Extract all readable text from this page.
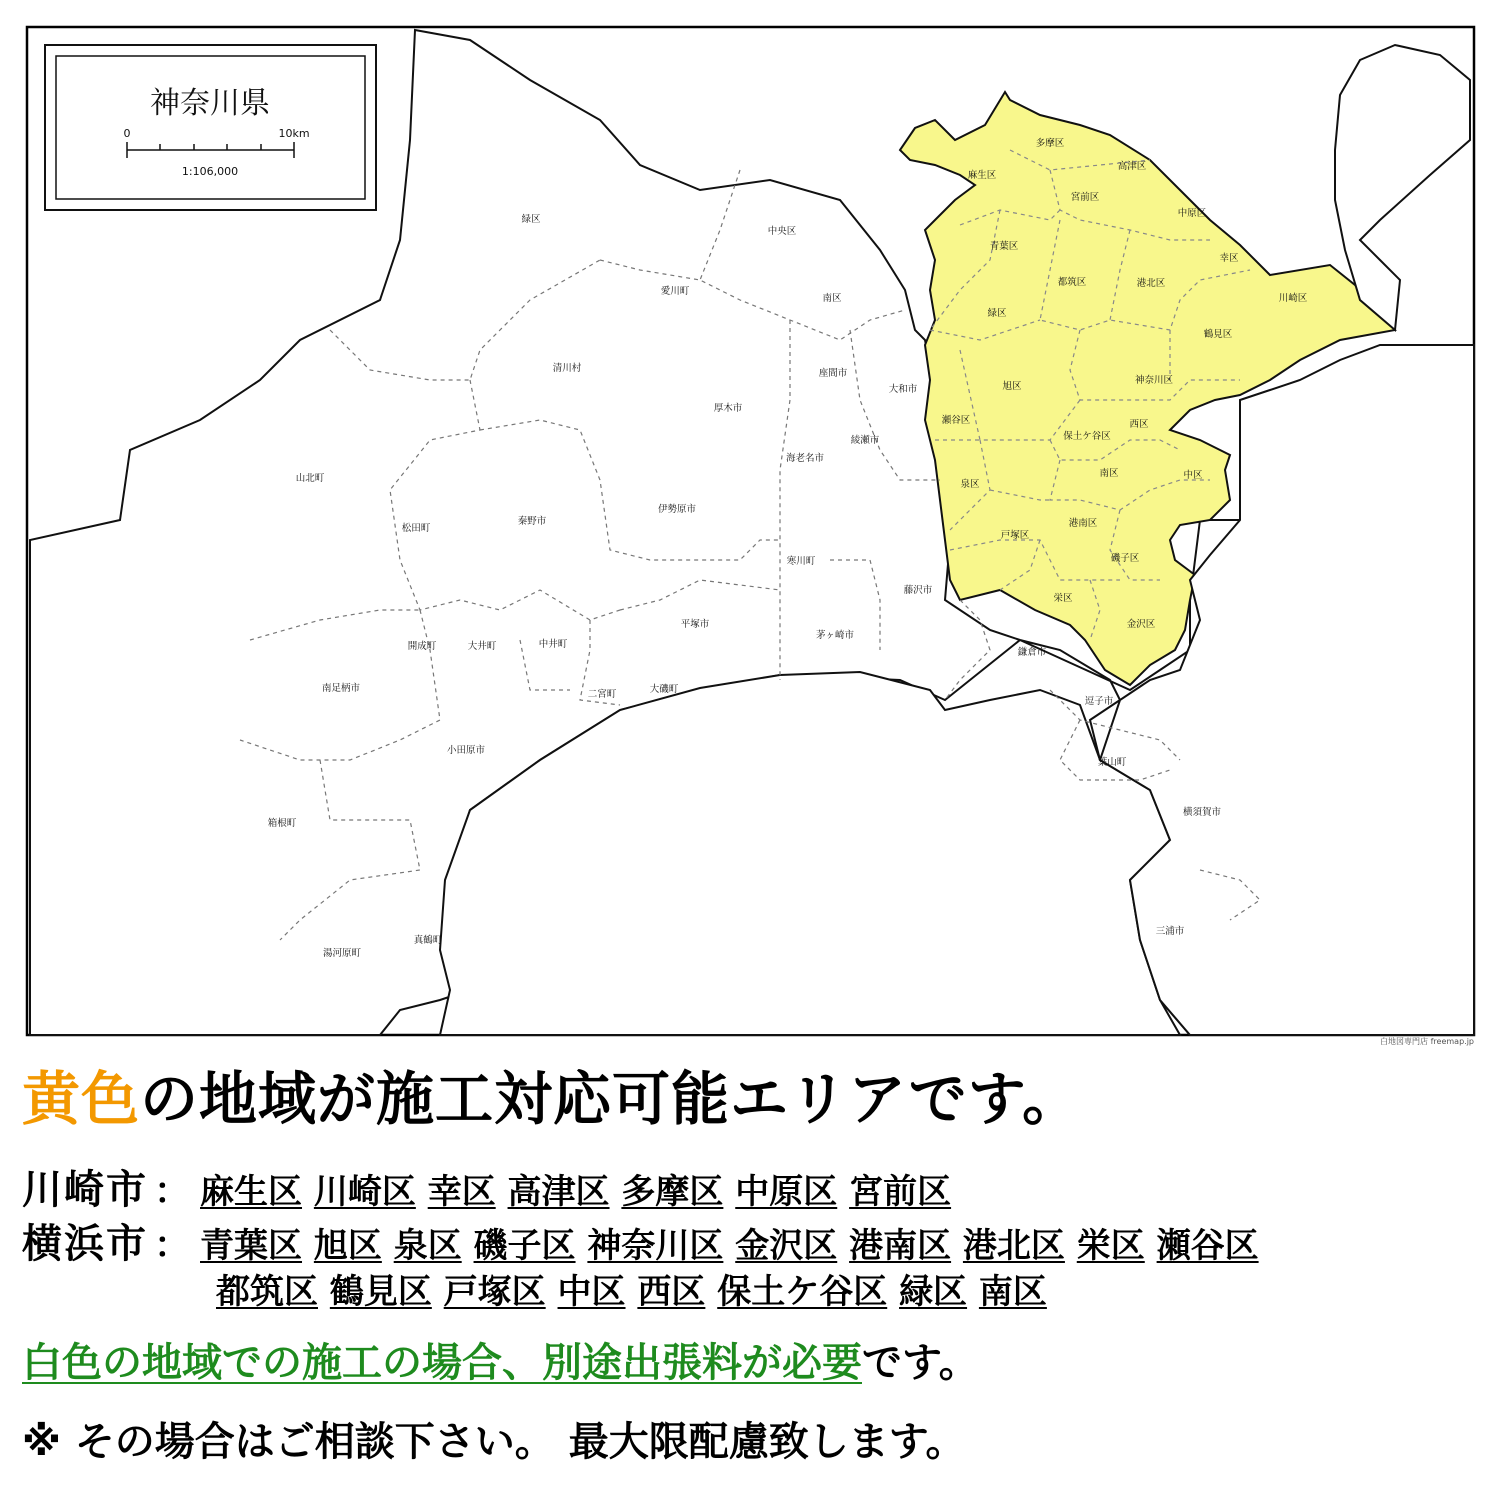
神奈川県
0	10km
1:106,000
緑区
中央区
愛川町
南区
清川村	座間市
厚木市
大和市
綾瀬市
海老名市
山北町
松田町
秦野市
伊勢原市
寒川町
藤沢市
平塚市
茅ヶ崎市
開成町	大井町	中井町
二宮町	大磯町
南足柄市
小田原市
箱根町
湯河原町
真鶴町
鎌倉市
逗子市
葉山町
横須賀市
三浦市
多摩区
麻生区
高津区
宮前区
中原区
青葉区
幸区
都筑区	港北区
川崎区
緑区
鶴見区
旭区
神奈川区
瀬谷区	西区
保土ケ谷区
泉区
南区	中区
戸塚区
港南区
磯子区
栄区
金沢区
白地図専門店 freemap.jp
黄色の地域が施工対応可能エリアです。
川崎市 ： 麻生区 川崎区 幸区 高津区 多摩区 中原区 宮前区
横浜市 ： 青葉区 旭区 泉区 磯子区 神奈川区 金沢区 港南区 港北区 栄区 瀬谷区
都筑区 鶴見区 戸塚区 中区 西区 保土ケ谷区 緑区 南区
白色の地域での施工の場合、別途出張料が必要です。
※ その場合はご相談下さい。 最大限配慮致します。
